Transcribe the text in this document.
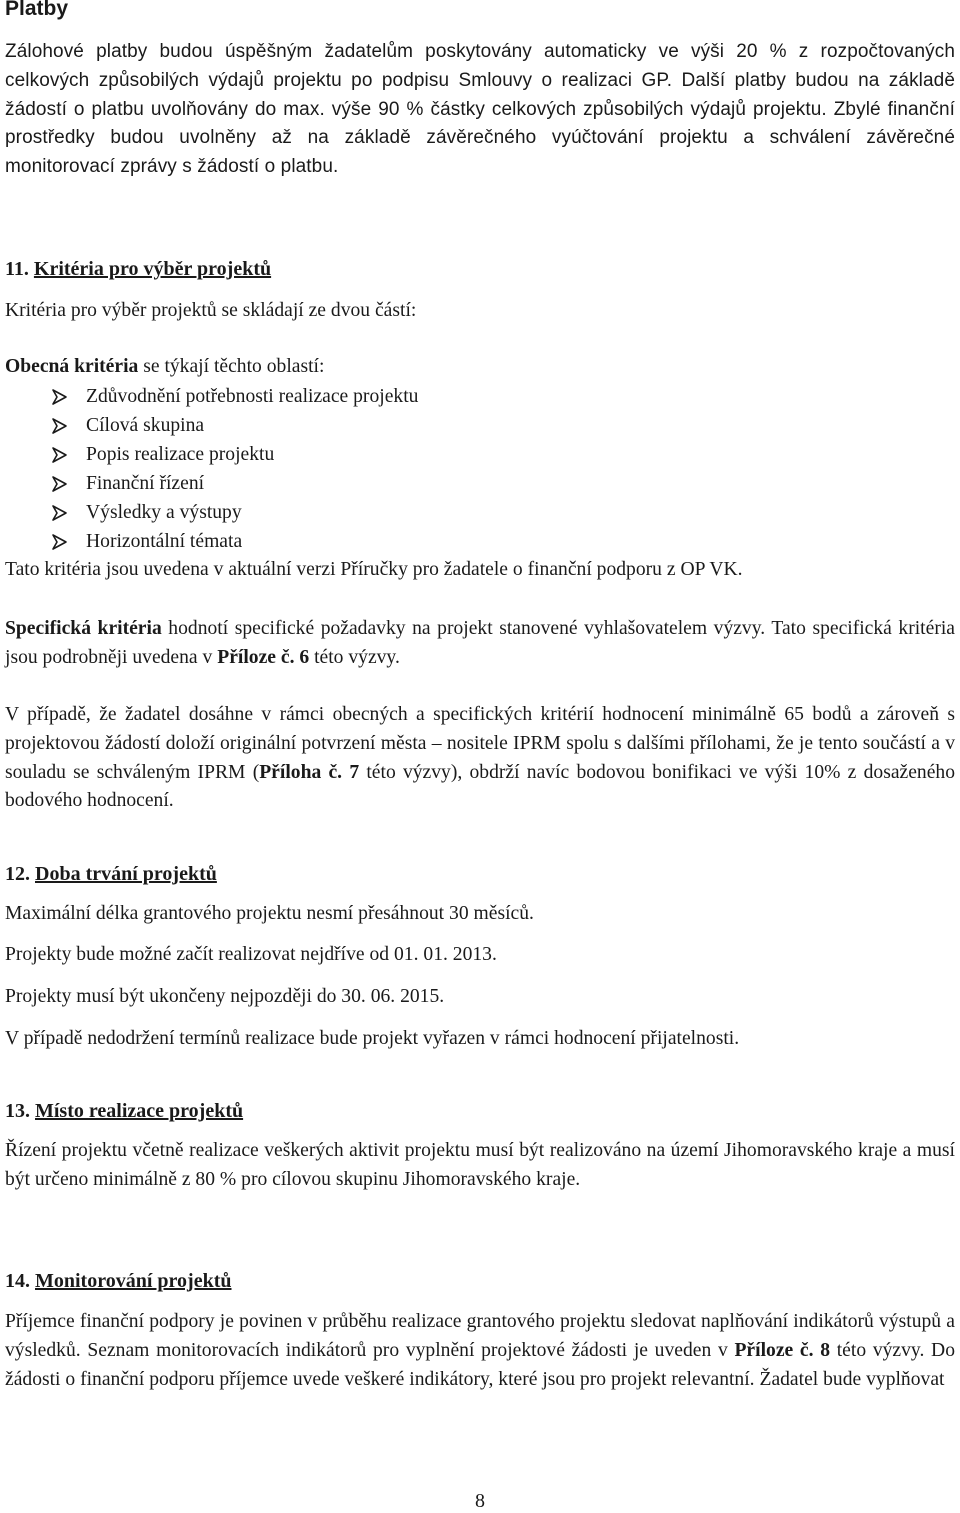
Platby

Zálohové platby budou úspěšným žadatelům poskytovány automaticky ve výši 20 % z rozpočtovaných celkových způsobilých výdajů projektu po podpisu Smlouvy o realizaci GP. Další platby budou na základě žádostí o platbu uvolňovány do max. výše 90 % částky celkových způsobilých výdajů projektu. Zbylé finanční prostředky budou uvolněny až na základě závěrečného vyúčtování projektu a schválení závěrečné monitorovací zprávy s žádostí o platbu.

11. Kritéria pro výběr projektů

Kritéria pro výběr projektů se skládají ze dvou částí:

Obecná kritéria se týkají těchto oblastí:

Zdůvodnění potřebnosti realizace projektu
Cílová skupina
Popis realizace projektu
Finanční řízení
Výsledky a výstupy
Horizontální témata

Tato kritéria jsou uvedena v aktuální verzi Příručky pro žadatele o finanční podporu z OP VK.

Specifická kritéria hodnotí specifické požadavky na projekt stanovené vyhlašovatelem výzvy. Tato specifická kritéria jsou podrobněji uvedena v Příloze č. 6 této výzvy.

V případě, že žadatel dosáhne v rámci obecných a specifických kritérií hodnocení minimálně 65 bodů a zároveň s projektovou žádostí doloží originální potvrzení města – nositele IPRM spolu s dalšími přílohami, že je tento součástí a v souladu se schváleným IPRM (Příloha č. 7 této výzvy), obdrží navíc bodovou bonifikaci ve výši 10% z dosaženého bodového hodnocení.

12. Doba trvání projektů

Maximální délka grantového projektu nesmí přesáhnout 30 měsíců.

Projekty bude možné začít realizovat nejdříve od 01. 01. 2013.

Projekty musí být ukončeny nejpozději do 30. 06. 2015.

V případě nedodržení termínů realizace bude projekt vyřazen v rámci hodnocení přijatelnosti.

13. Místo realizace projektů

Řízení projektu včetně realizace veškerých aktivit projektu musí být realizováno na území Jihomoravského kraje a musí být určeno minimálně z 80 % pro cílovou skupinu Jihomoravského kraje.

14. Monitorování projektů

Příjemce finanční podpory je povinen v průběhu realizace grantového projektu sledovat naplňování indikátorů výstupů a výsledků. Seznam monitorovacích indikátorů pro vyplnění projektové žádosti je uveden v Příloze č. 8 této výzvy. Do žádosti o finanční podporu příjemce uvede veškeré indikátory, které jsou pro projekt relevantní. Žadatel bude vyplňovat

8
